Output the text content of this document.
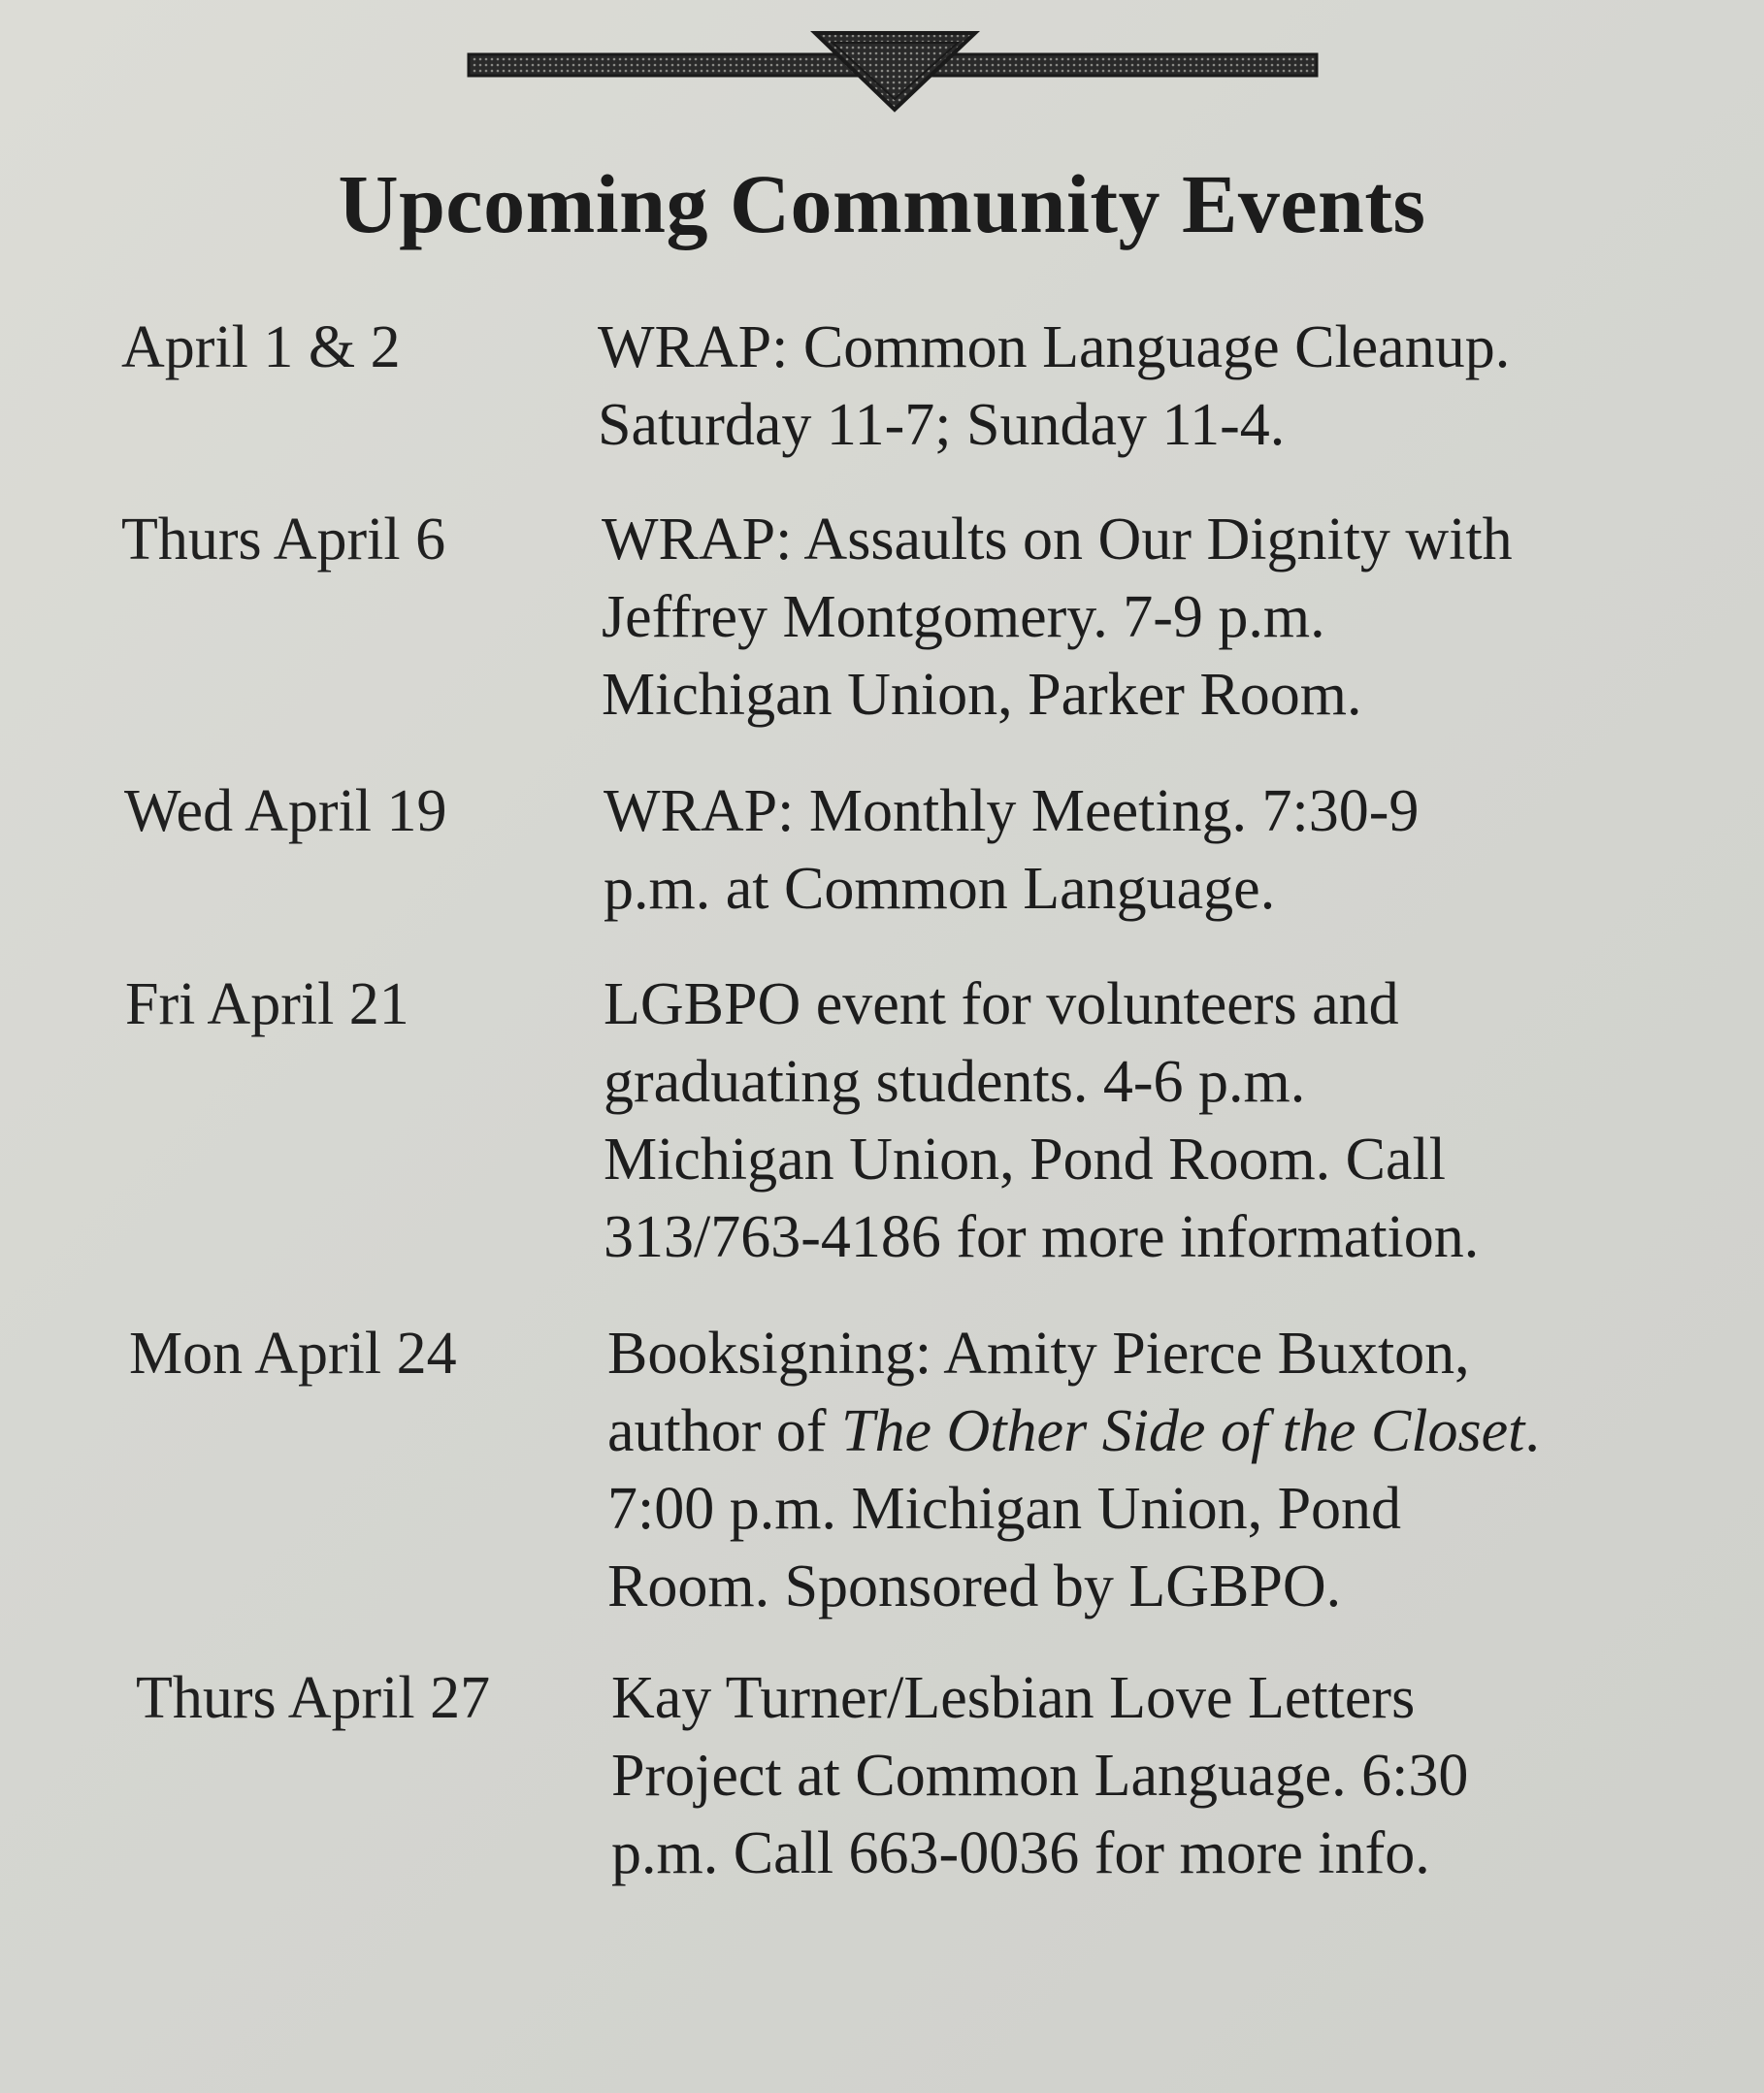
Upcoming Community Events
April 1 & 2	WRAP: Common Language Cleanup.
Saturday 11-7; Sunday 11-4.
Thurs April 6	WRAP: Assaults on Our Dignity with
Jeffrey Montgomery. 7-9 p.m.
Michigan Union, Parker Room.
Wed April 19	WRAP: Monthly Meeting. 7:30-9
p.m. at Common Language.
Fri April 21	LGBPO event for volunteers and
graduating students. 4-6 p.m.
Michigan Union, Pond Room. Call
313/763-4186 for more information.
Mon April 24	Booksigning: Amity Pierce Buxton,
author of The Other Side of the Closet.
7:00 p.m. Michigan Union, Pond
Room. Sponsored by LGBPO.
Thurs April 27 Kay Turner/Lesbian Love Letters
Project at Common Language. 6:30
p.m. Call 663-0036 for more info.
